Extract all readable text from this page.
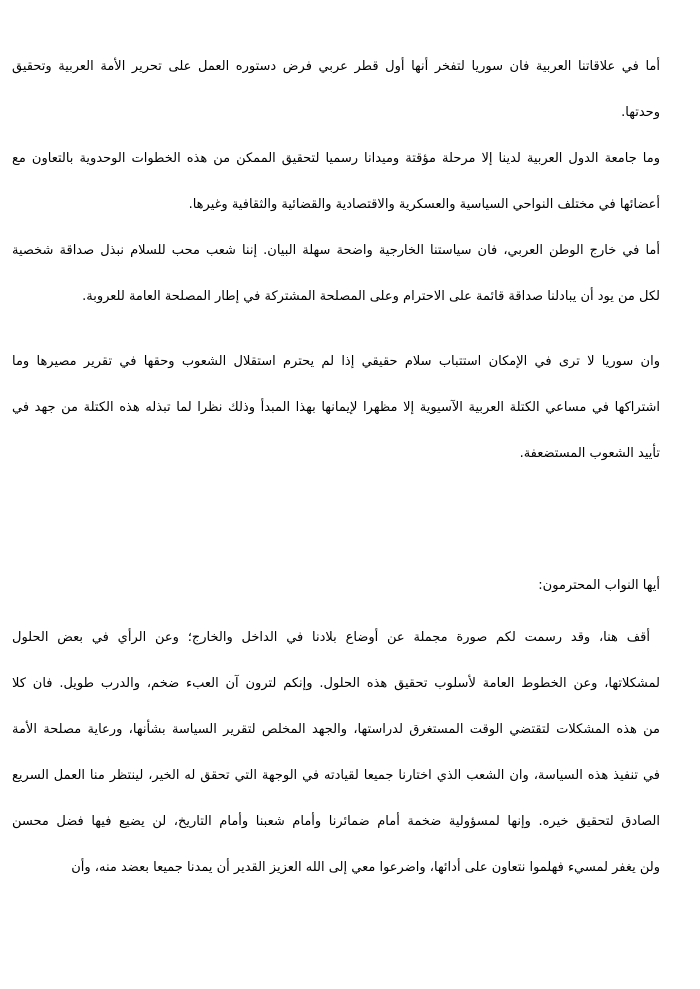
أما في علاقاتنا العربية فان سوريا لتفخر أنها أول قطر عربي فرض دستوره العمل على تحرير الأمة العربية وتحقيق
وحدتها.
وما جامعة الدول العربية لدينا إلا مرحلة مؤقتة وميدانا رسميا لتحقيق الممكن من هذه الخطوات الوحدوية بالتعاون مع
أعضائها في مختلف النواحي السياسية والعسكرية والاقتصادية والقضائية والثقافية وغيرها.
أما في خارج الوطن العربي، فان سياستنا الخارجية واضحة سهلة البيان. إننا شعب محب للسلام نبذل صداقة شخصية
لكل من يود أن يبادلنا صداقة قائمة على الاحترام وعلى المصلحة المشتركة في إطار المصلحة العامة للعروبة.
وان سوريا لا ترى في الإمكان استتباب سلام حقيقي إذا لم يحترم استقلال الشعوب وحقها في تقرير مصيرها وما
اشتراكها في مساعي الكتلة العربية الآسيوية إلا مظهرا لإيمانها بهذا المبدأ وذلك نظرا لما تبذله هذه الكتلة من جهد في
تأييد الشعوب المستضعفة.
أيها النواب المحترمون:
أقف هنا، وقد رسمت لكم صورة مجملة عن أوضاع بلادنا في الداخل والخارج؛ وعن الرأي في بعض الحلول
لمشكلاتها، وعن الخطوط العامة لأسلوب تحقيق هذه الحلول. وإنكم لترون آن العبء ضخم، والدرب طويل. فان كلا
من هذه المشكلات لتقتضي الوقت المستغرق لدراستها، والجهد المخلص لتقرير السياسة بشأنها، ورعاية مصلحة الأمة
في تنفيذ هذه السياسة، وان الشعب الذي اختارنا جميعا لقيادته في الوجهة التي تحقق له الخير، لينتظر منا العمل السريع
الصادق لتحقيق خيره. وإنها لمسؤولية ضخمة أمام ضمائرنا وأمام شعبنا وأمام التاريخ، لن يضيع فيها فضل محسن
ولن يغفر لمسيء فهلموا نتعاون على أدائها، واضرعوا معي إلى الله العزيز القدير أن يمدنا جميعا بعضد منه، وأن
